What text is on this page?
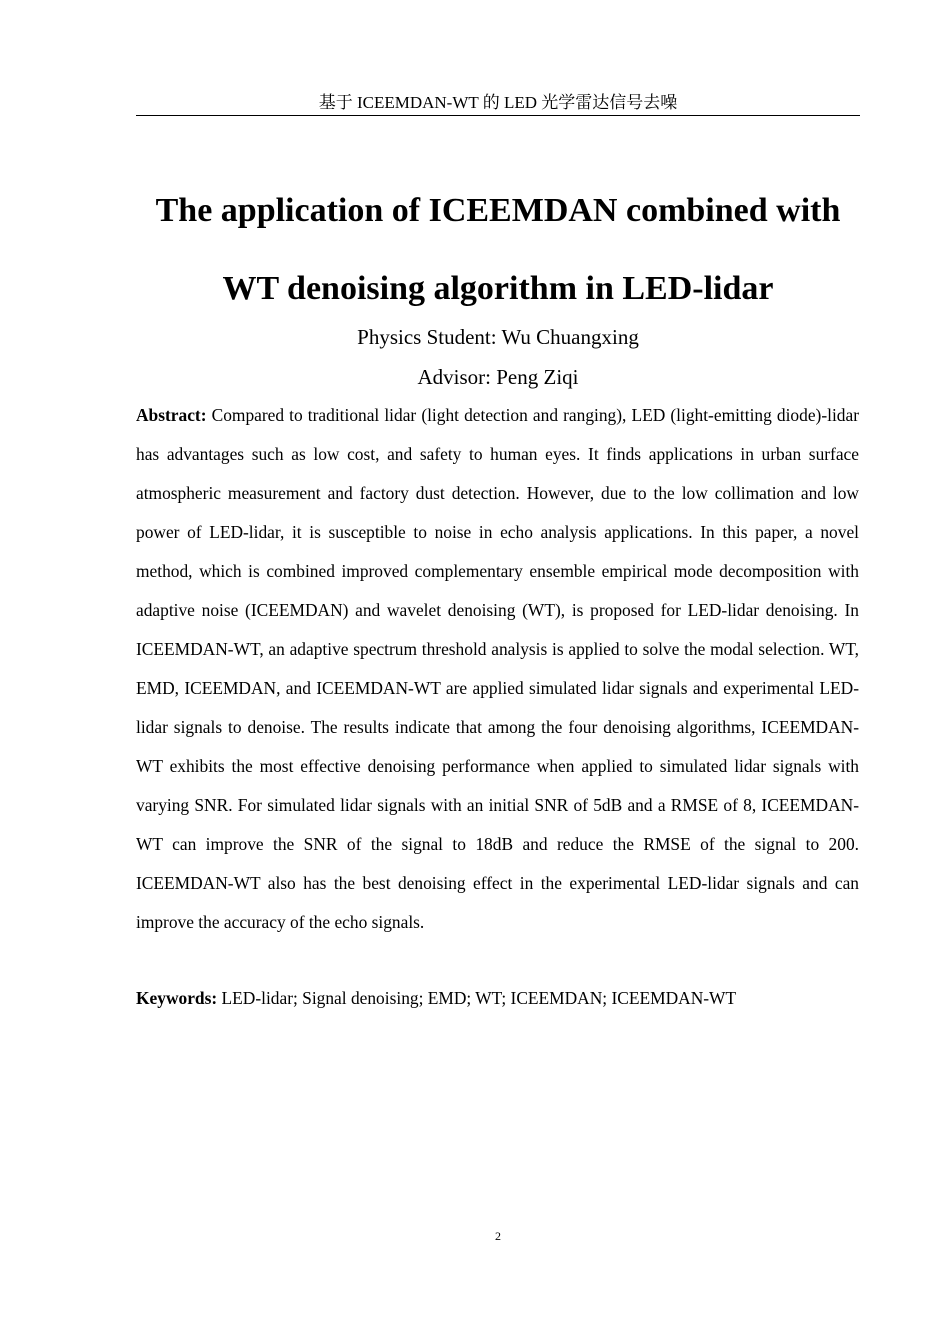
基于 ICEEMDAN-WT 的 LED 光学雷达信号去噪
The application of ICEEMDAN combined with
WT denoising algorithm in LED-lidar
Physics Student: Wu Chuangxing
Advisor: Peng Ziqi

Abstract: Compared to traditional lidar (light detection and ranging), LED (light-emitting diode)-lidar has advantages such as low cost, and safety to human eyes. It finds applications in urban surface atmospheric measurement and factory dust detection. However, due to the low collimation and low power of LED-lidar, it is susceptible to noise in echo analysis applications. In this paper, a novel method, which is combined improved complementary ensemble empirical mode decomposition with adaptive noise (ICEEMDAN) and wavelet denoising (WT), is proposed for LED-lidar denoising. In ICEEMDAN-WT, an adaptive spectrum threshold analysis is applied to solve the modal selection. WT, EMD, ICEEMDAN, and ICEEMDAN-WT are applied simulated lidar signals and experimental LED-lidar signals to denoise. The results indicate that among the four denoising algorithms, ICEEMDAN-WT exhibits the most effective denoising performance when applied to simulated lidar signals with varying SNR. For simulated lidar signals with an initial SNR of 5dB and a RMSE of 8, ICEEMDAN-WT can improve the SNR of the signal to 18dB and reduce the RMSE of the signal to 200. ICEEMDAN-WT also has the best denoising effect in the experimental LED-lidar signals and can improve the accuracy of the echo signals.

Keywords: LED-lidar; Signal denoising; EMD; WT; ICEEMDAN; ICEEMDAN-WT

2
